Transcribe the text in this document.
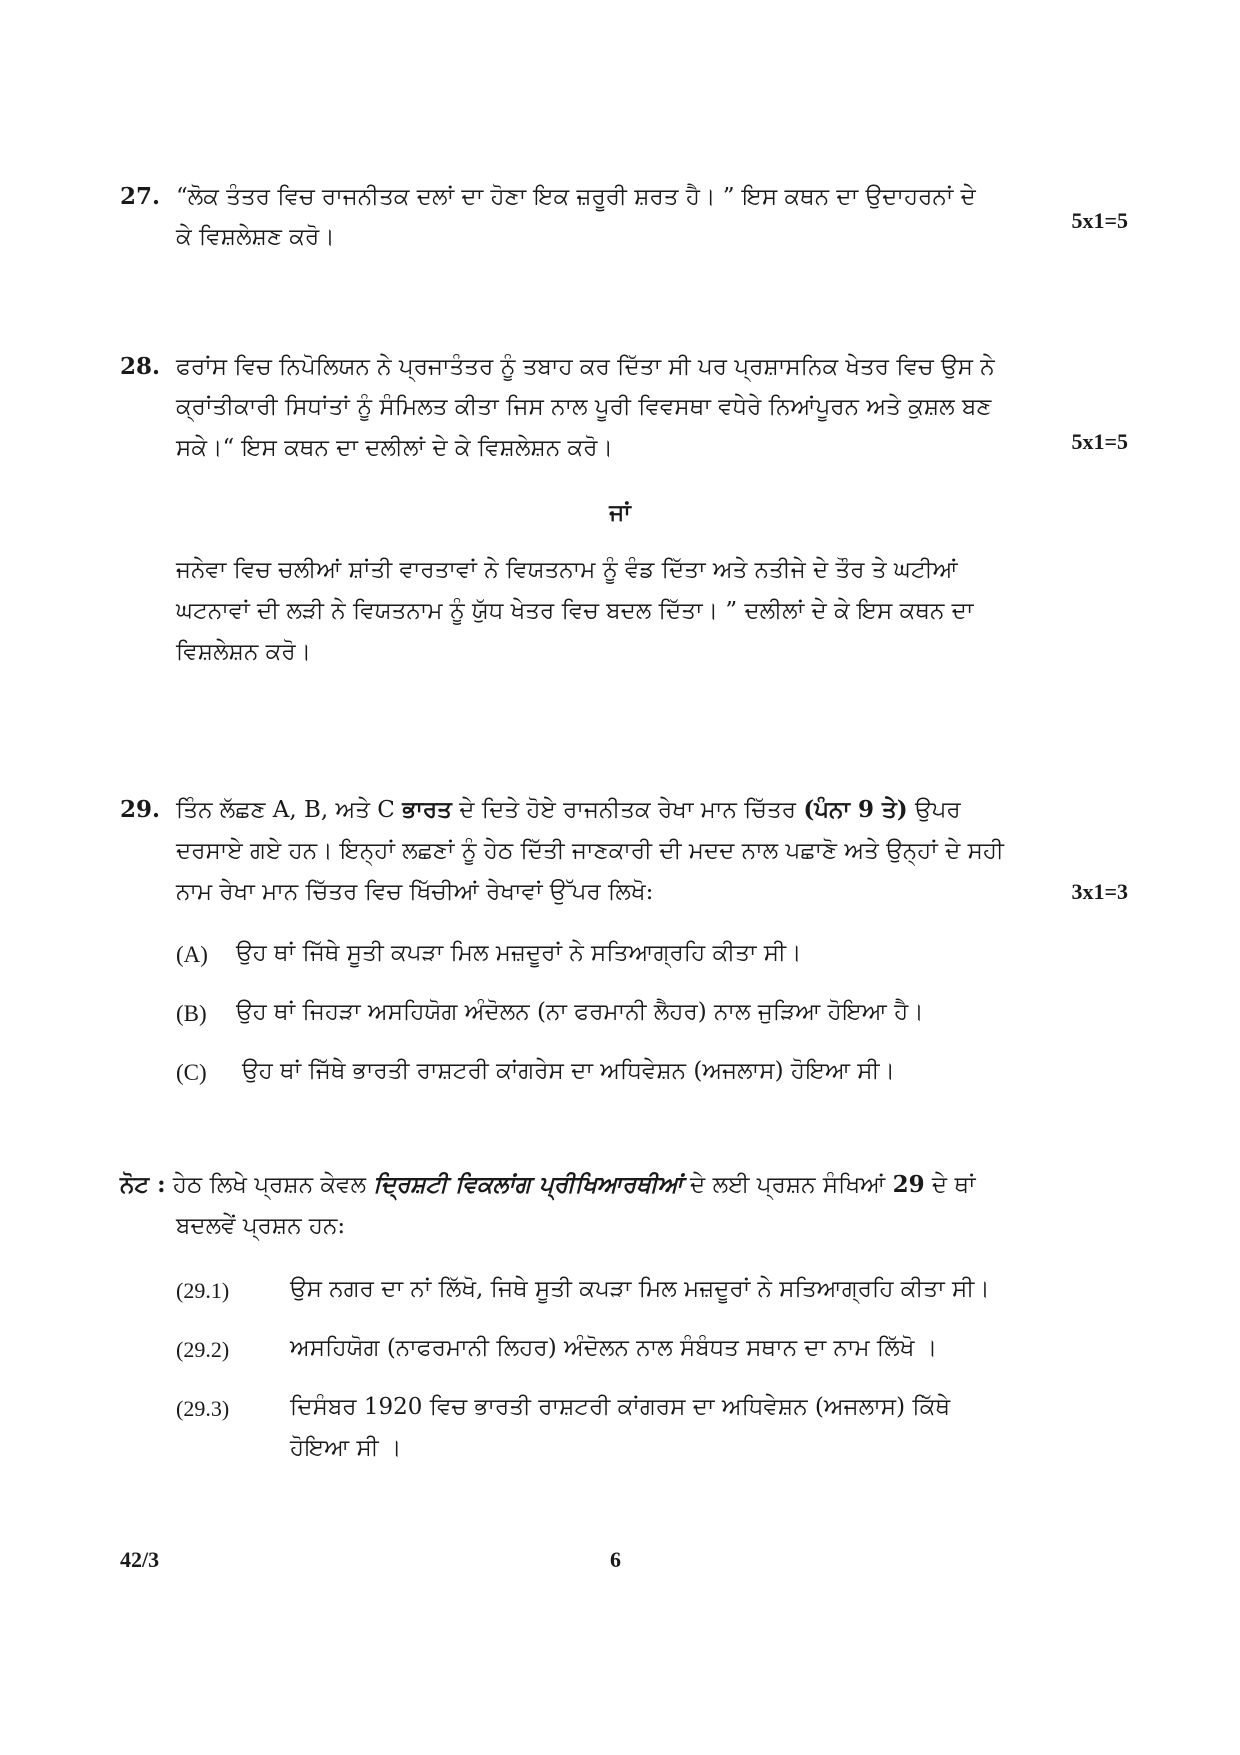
27. “ਲੋਕ ਤੰਤਰ ਵਿਚ ਰਾਜਨੀਤਕ ਦਲਾਂ ਦਾ ਹੋਣਾ ਇਕ ਜ਼ਰੂਰੀ ਸ਼ਰਤ ਹੈ। ” ਇਸ ਕਥਨ ਦਾ ਉਦਾਹਰਨਾਂ ਦੇ
5x1=5
ਕੇ ਵਿਸ਼ਲੇਸ਼ਣ ਕਰੋ।
28. ਫਰਾਂਸ ਵਿਚ ਨਿਪੋਲਿਯਨ ਨੇ ਪ੍ਰਜਾਤੰਤਰ ਨੂੰ ਤਬਾਹ ਕਰ ਦਿੱਤਾ ਸੀ ਪਰ ਪ੍ਰਸ਼ਾਸਨਿਕ ਖੇਤਰ ਵਿਚ ਉਸ ਨੇ
ਕ੍ਰਾਂਤੀਕਾਰੀ ਸਿਧਾਂਤਾਂ ਨੂੰ ਸੰਮਿਲਤ ਕੀਤਾ ਜਿਸ ਨਾਲ ਪੂਰੀ ਵਿਵਸਥਾ ਵਧੇਰੇ ਨਿਆਂਪੂਰਨ ਅਤੇ ਕੁਸ਼ਲ ਬਣ
ਸਕੇ।“ ਇਸ ਕਥਨ ਦਾ ਦਲੀਲਾਂ ਦੇ ਕੇ ਵਿਸ਼ਲੇਸ਼ਨ ਕਰੋ।	5x1=5
ਜਾਂ
ਜਨੇਵਾ ਵਿਚ ਚਲੀਆਂ ਸ਼ਾਂਤੀ ਵਾਰਤਾਵਾਂ ਨੇ ਵਿਯਤਨਾਮ ਨੂੰ ਵੰਡ ਦਿੱਤਾ ਅਤੇ ਨਤੀਜੇ ਦੇ ਤੌਰ ਤੇ ਘਟੀਆਂ
ਘਟਨਾਵਾਂ ਦੀ ਲੜੀ ਨੇ ਵਿਯਤਨਾਮ ਨੂੰ ਯੁੱਧ ਖੇਤਰ ਵਿਚ ਬਦਲ ਦਿੱਤਾ। ” ਦਲੀਲਾਂ ਦੇ ਕੇ ਇਸ ਕਥਨ ਦਾ
ਵਿਸ਼ਲੇਸ਼ਨ ਕਰੋ।
29. ਤਿੰਨ ਲੱਛਣ A, B, ਅਤੇ C ਭਾਰਤ ਦੇ ਦਿਤੇ ਹੋਏ ਰਾਜਨੀਤਕ ਰੇਖਾ ਮਾਨ ਚਿੱਤਰ (ਪੰਨਾ 9 ਤੇ) ਉਪਰ
ਦਰਸਾਏ ਗਏ ਹਨ। ਇਨ੍ਹਾਂ ਲਛਣਾਂ ਨੂੰ ਹੇਠ ਦਿੱਤੀ ਜਾਣਕਾਰੀ ਦੀ ਮਦਦ ਨਾਲ ਪਛਾਣੋ ਅਤੇ ਉਨ੍ਹਾਂ ਦੇ ਸਹੀ
ਨਾਮ ਰੇਖਾ ਮਾਨ ਚਿੱਤਰ ਵਿਚ ਖਿੱਚੀਆਂ ਰੇਖਾਵਾਂ ਉੱਪਰ ਲਿਖੋ:	3x1=3
(A) ਉਹ ਥਾਂ ਜਿੱਥੇ ਸੂਤੀ ਕਪੜਾ ਮਿਲ ਮਜ਼ਦੂਰਾਂ ਨੇ ਸਤਿਆਗ੍ਰਹਿ ਕੀਤਾ ਸੀ।
(B) ਉਹ ਥਾਂ ਜਿਹੜਾ ਅਸਹਿਯੋਗ ਅੰਦੋਲਨ (ਨਾ ਫਰਮਾਨੀ ਲੈਹਰ) ਨਾਲ ਜੁੜਿਆ ਹੋਇਆ ਹੈ।
(C) ਉਹ ਥਾਂ ਜਿੱਥੇ ਭਾਰਤੀ ਰਾਸ਼ਟਰੀ ਕਾਂਗਰੇਸ ਦਾ ਅਧਿਵੇਸ਼ਨ (ਅਜਲਾਸ) ਹੋਇਆ ਸੀ।
ਨੋਟ : ਹੇਠ ਲਿਖੇ ਪ੍ਰਸ਼ਨ ਕੇਵਲ ਦ੍ਰਿਸ਼ਟੀ ਵਿਕਲਾਂਗ ਪ੍ਰੀਖਿਆਰਥੀਆਂ ਦੇ ਲਈ ਪ੍ਰਸ਼ਨ ਸੰਖਿਆਂ 29 ਦੇ ਥਾਂ
ਬਦਲਵੇਂ ਪ੍ਰਸ਼ਨ ਹਨ:
(29.1)	ਉਸ ਨਗਰ ਦਾ ਨਾਂ ਲਿੱਖੋ, ਜਿਥੇ ਸੂਤੀ ਕਪੜਾ ਮਿਲ ਮਜ਼ਦੂਰਾਂ ਨੇ ਸਤਿਆਗ੍ਰਹਿ ਕੀਤਾ ਸੀ।
(29.2)	ਅਸਹਿਯੋਗ (ਨਾਫਰਮਾਨੀ ਲਿਹਰ) ਅੰਦੋਲਨ ਨਾਲ ਸੰਬੰਧਤ ਸਥਾਨ ਦਾ ਨਾਮ ਲਿੱਖੋ ।
(29.3)	ਦਿਸੰਬਰ 1920 ਵਿਚ ਭਾਰਤੀ ਰਾਸ਼ਟਰੀ ਕਾਂਗਰਸ ਦਾ ਅਧਿਵੇਸ਼ਨ (ਅਜਲਾਸ) ਕਿੱਥੇ
ਹੋਇਆ ਸੀ ।
42/3	6
